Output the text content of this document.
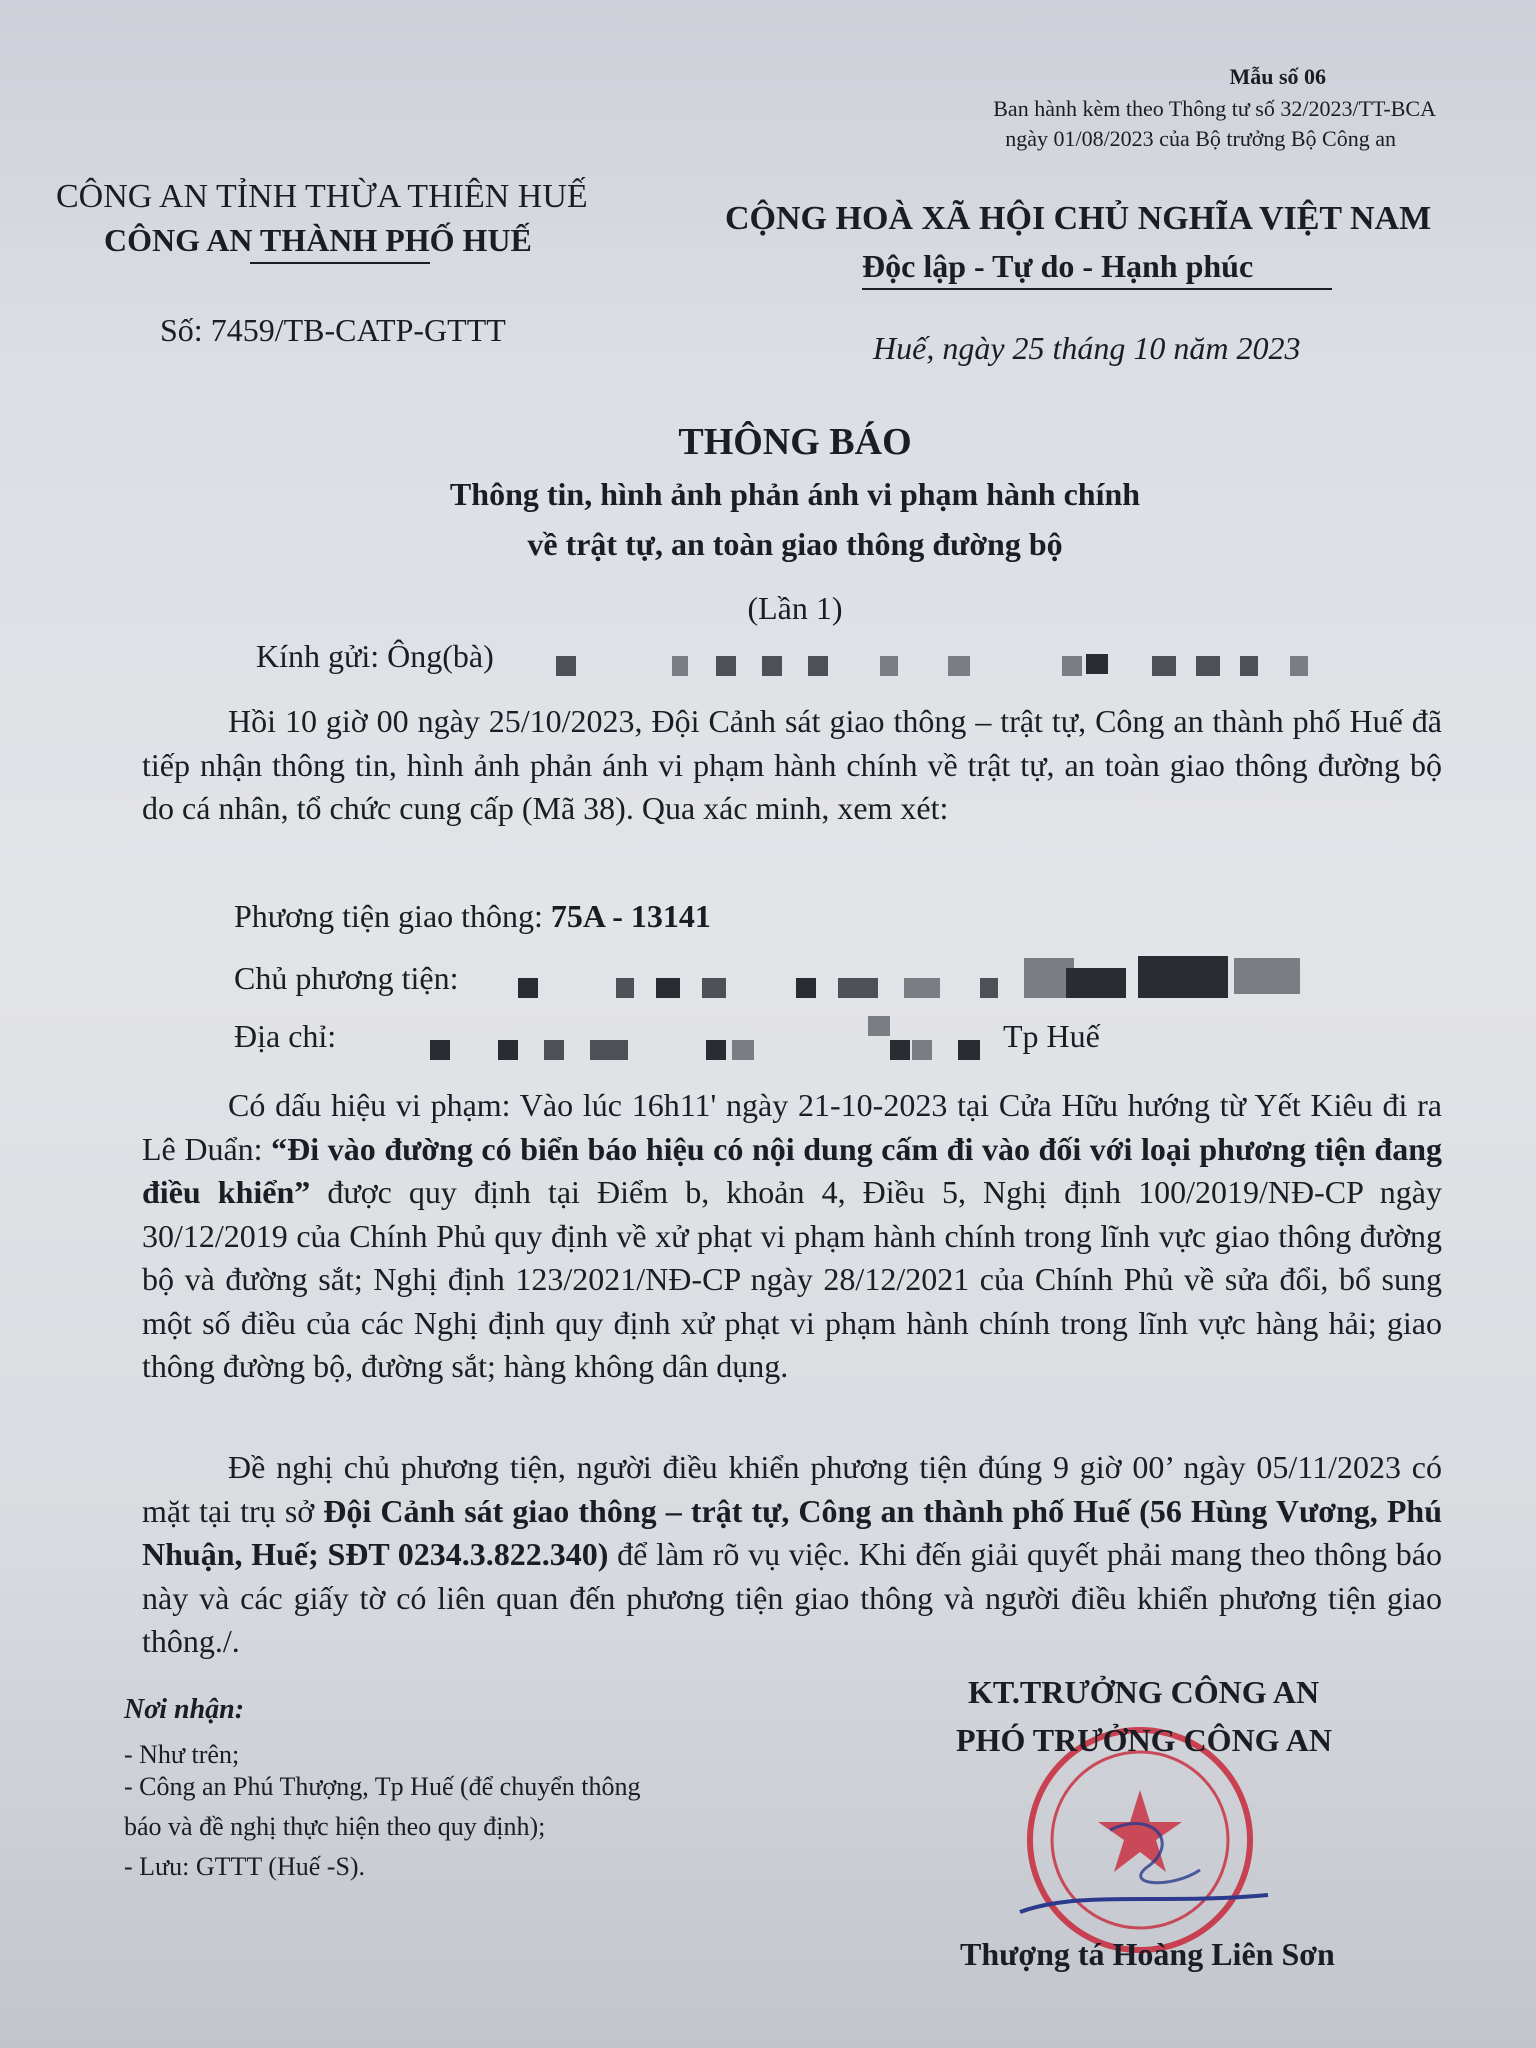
Mẫu số 06
Ban hành kèm theo Thông tư số 32/2023/TT-BCA
ngày 01/08/2023 của Bộ trưởng Bộ Công an
CÔNG AN TỈNH THỪA THIÊN HUẾ
CÔNG AN THÀNH PHỐ HUẾ
CỘNG HOÀ XÃ HỘI CHỦ NGHĨA VIỆT NAM
Độc lập - Tự do - Hạnh phúc
Số: 7459/TB-CATP-GTTT	Huế, ngày 25 tháng 10 năm 2023
THÔNG BÁO
Thông tin, hình ảnh phản ánh vi phạm hành chính
về trật tự, an toàn giao thông đường bộ
(Lần 1)
Kính gửi: Ông(bà)
Hồi 10 giờ 00 ngày 25/10/2023, Đội Cảnh sát giao thông – trật tự, Công an thành phố Huế đã tiếp nhận thông tin, hình ảnh phản ánh vi phạm hành chính về trật tự, an toàn giao thông đường bộ do cá nhân, tổ chức cung cấp (Mã 38). Qua xác minh, xem xét:
Phương tiện giao thông: 75A - 13141
Chủ phương tiện:
Địa chỉ:	Tp Huế
Có dấu hiệu vi phạm: Vào lúc 16h11' ngày 21-10-2023 tại Cửa Hữu hướng từ Yết Kiêu đi ra Lê Duẩn: “Đi vào đường có biển báo hiệu có nội dung cấm đi vào đối với loại phương tiện đang điều khiển” được quy định tại Điểm b, khoản 4, Điều 5, Nghị định 100/2019/NĐ-CP ngày 30/12/2019 của Chính Phủ quy định về xử phạt vi phạm hành chính trong lĩnh vực giao thông đường bộ và đường sắt; Nghị định 123/2021/NĐ-CP ngày 28/12/2021 của Chính Phủ về sửa đổi, bổ sung một số điều của các Nghị định quy định xử phạt vi phạm hành chính trong lĩnh vực hàng hải; giao thông đường bộ, đường sắt; hàng không dân dụng.
Đề nghị chủ phương tiện, người điều khiển phương tiện đúng 9 giờ 00’ ngày 05/11/2023 có mặt tại trụ sở Đội Cảnh sát giao thông – trật tự, Công an thành phố Huế (56 Hùng Vương, Phú Nhuận, Huế; SĐT 0234.3.822.340) để làm rõ vụ việc. Khi đến giải quyết phải mang theo thông báo này và các giấy tờ có liên quan đến phương tiện giao thông và người điều khiển phương tiện giao thông./.
Nơi nhận:
- Như trên;
- Công an Phú Thượng, Tp Huế (để chuyển thông
báo và đề nghị thực hiện theo quy định);
- Lưu: GTTT (Huế -S).
KT.TRƯỞNG CÔNG AN
PHÓ TRƯỞNG CÔNG AN
Thượng tá Hoàng Liên Sơn
